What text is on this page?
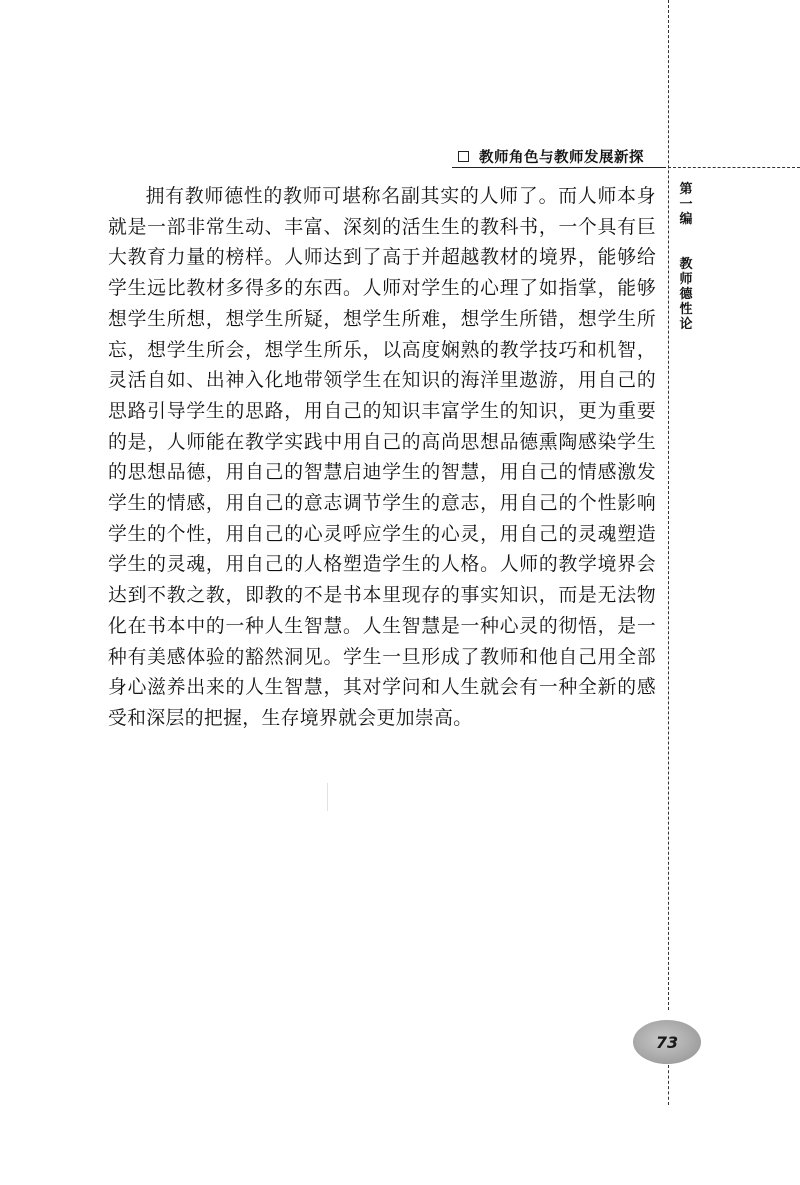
教师角色与教师发展新探
第一编
教师德性论

拥有教师德性的教师可堪称名副其实的人师了。而人师本身就是一部非常生动、丰富、深刻的活生生的教科书，一个具有巨大教育力量的榜样。人师达到了高于并超越教材的境界，能够给学生远比教材多得多的东西。人师对学生的心理了如指掌，能够想学生所想，想学生所疑，想学生所难，想学生所错，想学生所忘，想学生所会，想学生所乐，以高度娴熟的教学技巧和机智，灵活自如、出神入化地带领学生在知识的海洋里遨游，用自己的思路引导学生的思路，用自己的知识丰富学生的知识，更为重要的是，人师能在教学实践中用自己的高尚思想品德熏陶感染学生的思想品德，用自己的智慧启迪学生的智慧，用自己的情感激发学生的情感，用自己的意志调节学生的意志，用自己的个性影响学生的个性，用自己的心灵呼应学生的心灵，用自己的灵魂塑造学生的灵魂，用自己的人格塑造学生的人格。人师的教学境界会达到不教之教，即教的不是书本里现存的事实知识，而是无法物化在书本中的一种人生智慧。人生智慧是一种心灵的彻悟，是一种有美感体验的豁然洞见。学生一旦形成了教师和他自己用全部身心滋养出来的人生智慧，其对学问和人生就会有一种全新的感受和深层的把握，生存境界就会更加崇高。

73
